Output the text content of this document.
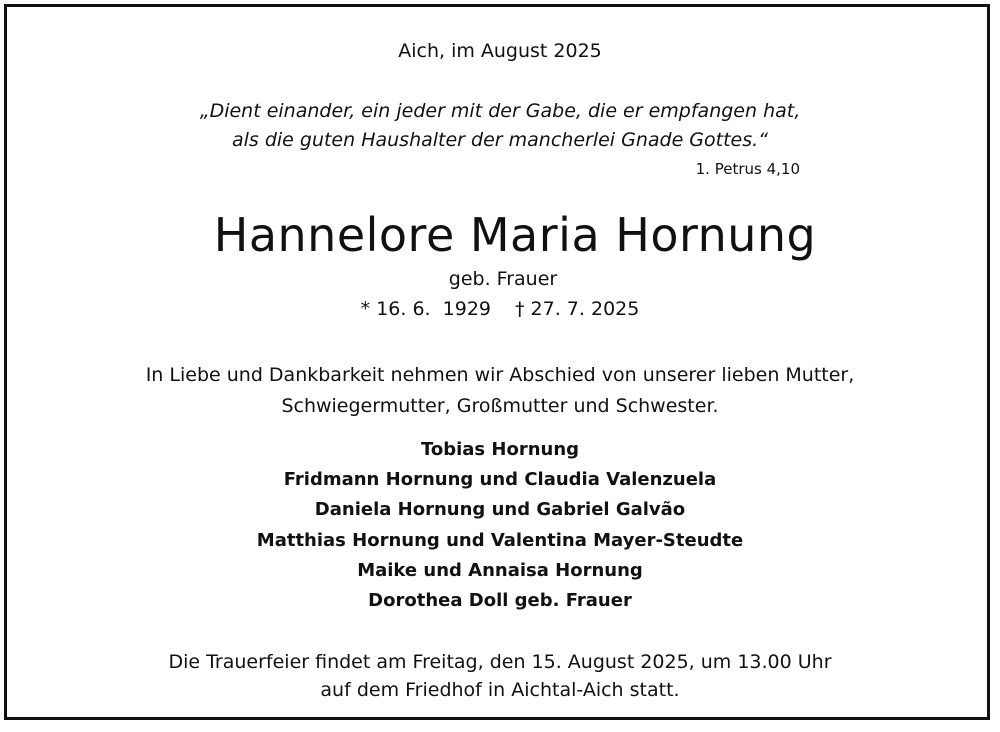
Aich, im August 2025
„Dient einander, ein jeder mit der Gabe, die er empfangen hat,
als die guten Haushalter der mancherlei Gnade Gottes.“
1. Petrus 4,10
Hannelore Maria Hornung
geb. Frauer
* 16. 6.  1929 † 27. 7. 2025
In Liebe und Dankbarkeit nehmen wir Abschied von unserer lieben Mutter,
Schwiegermutter, Großmutter und Schwester.
Tobias Hornung
Fridmann Hornung und Claudia Valenzuela
Daniela Hornung und Gabriel Galvão
Matthias Hornung und Valentina Mayer-Steudte
Maike und Annaisa Hornung
Dorothea Doll geb. Frauer
Die Trauerfeier findet am Freitag, den 15. August 2025, um 13.00 Uhr
auf dem Friedhof in Aichtal-Aich statt.
